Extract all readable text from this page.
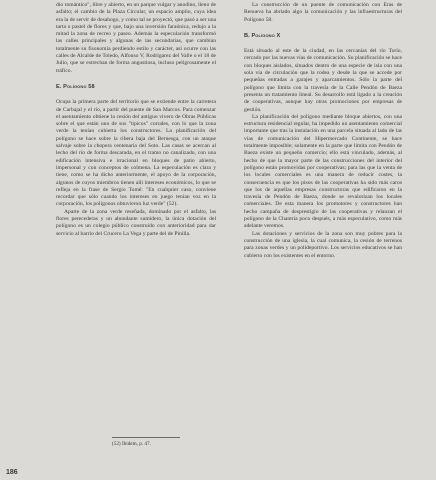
dio romántico", libre y abierto, en un parque vulgar y anodino, lleno de asfalto; el cambio de la Plaza Circular, un espacio amplio, cuya idea era la de servir de desahogo, y como tal se proyectó, que pasó a ser una tarta o pastel de flores y que, bajo una inversión faraónica, redujo a la mitad la zona de recreo y paseo. Además la especulación transformó las calles principales y algunas de las secundarias, que cambian totalmente su fisonomía perdiendo estilo y carácter, así ocurre con las calles de Alcalde de Toledo, Alfonso V, Rodrigarez del Valle o el 18 de Julio, que se estrechan de forma angustiosa, incluso peligrosamente el tráfico.

E. Polígono 58

Ocupa la primera parte del territorio que se extiende entre la carretera de Carbajal y el río, a partir del puente de San Marcos. Para comenzar el asentamiento obtiene la cesión del antiguo vivero de Obras Públicas sobre el que están uno de sus "tipicos" corrales, con lo que la zona verde la tenían cubierta los constructores. La planificación del polígono se hace sobre la ribera baja del Bernesga, con un ataque salvaje sobre la chopera centenaria del Soto. Las casas se acercan al lecho del río de forma descarada, en el tramo no canalizado, con una edificación intensiva e irracional en bloques de patio abierto, impersonal y con conceptos de colmena. La especulación es clara y tiene, como se ha dicho anteriormente, el apoyo de la corporación, algunos de cuyos miembros tienen allí intereses económicos, lo que se refleja en la frase de Sergio Tomé: "En cualquier caso, conviene recordar que sólo cuando los intereses en juego tenían voz en la corporación, los polígonos obtuvieron luz verde" (52).

Aparte de la zona verde reseñada, dominado por el asfalto, las flores perecederas y un abundante sumidero, la única dotación del polígono es un colegio público construido con anterioridad para dar servicio al barrio del Crucero La Vega y parte del de Pinilla.

La construcción de un puente de comunicación con Eras de Renueva ha abriado algo la comunicación y las infraestructuras del Polígono 58.

B. Polígono X

Está situado al este de la ciudad, en las cercanías del río Torío, cercado por las nuevas vías de comunicación. Su planificación se hace con bloques aislados, situados dentro de una especie de isla con una sola vía de circulación que la rodea y desde la que se accede por pequeñas entradas a garajes y aparcamientos. Sólo la parte del polígono que limita con la travesía de la Calle Pendón de Baeza presenta un tratamiento lineal. Su desarrollo está ligado a la creación de cooperativas, aunque hay otras promociones por empresas de gestión.

La planificación del polígono mediante bloque abiertos, con una estructura residencial regular, ha impedido un asentamiento comercial importante que tras la instalación en una parcela situada al lado de las vías de comunicación del Hipermercado Continente, se hace totalmente imposible; solamente en la parte que limita con Pendón de Baeza existe un pequeño comercio; ello está vinculado, además, al hecho de que la mayor parte de las construcciones del interior del polígono están promovidas por cooperativas; para las que la venta de los locales comerciales es una manera de reducir costes, la consecuencia es que los pisos de las cooperativas ha sido más caros que los de aquellas empresas constructoras que edificaron en la travesía de Pendón de Baeza, donde se revalorizan los locales comerciales. De esta manera los promotores y constructores han hecho campaña de desprestigio de las cooperativas y relanzan el polígono de la Chantria poco después, a más especulativo, como más adelante veremos.

Las dotaciones y servicios de la zona son muy pobres para la construcción de una iglesia, la cual comunica, la cesión de terrenos para zonas verdes y un polideportivo. Los servicios educativos se han cubierto con los existentes en el entorno.

(52) Ibidem, p. 47.
186
